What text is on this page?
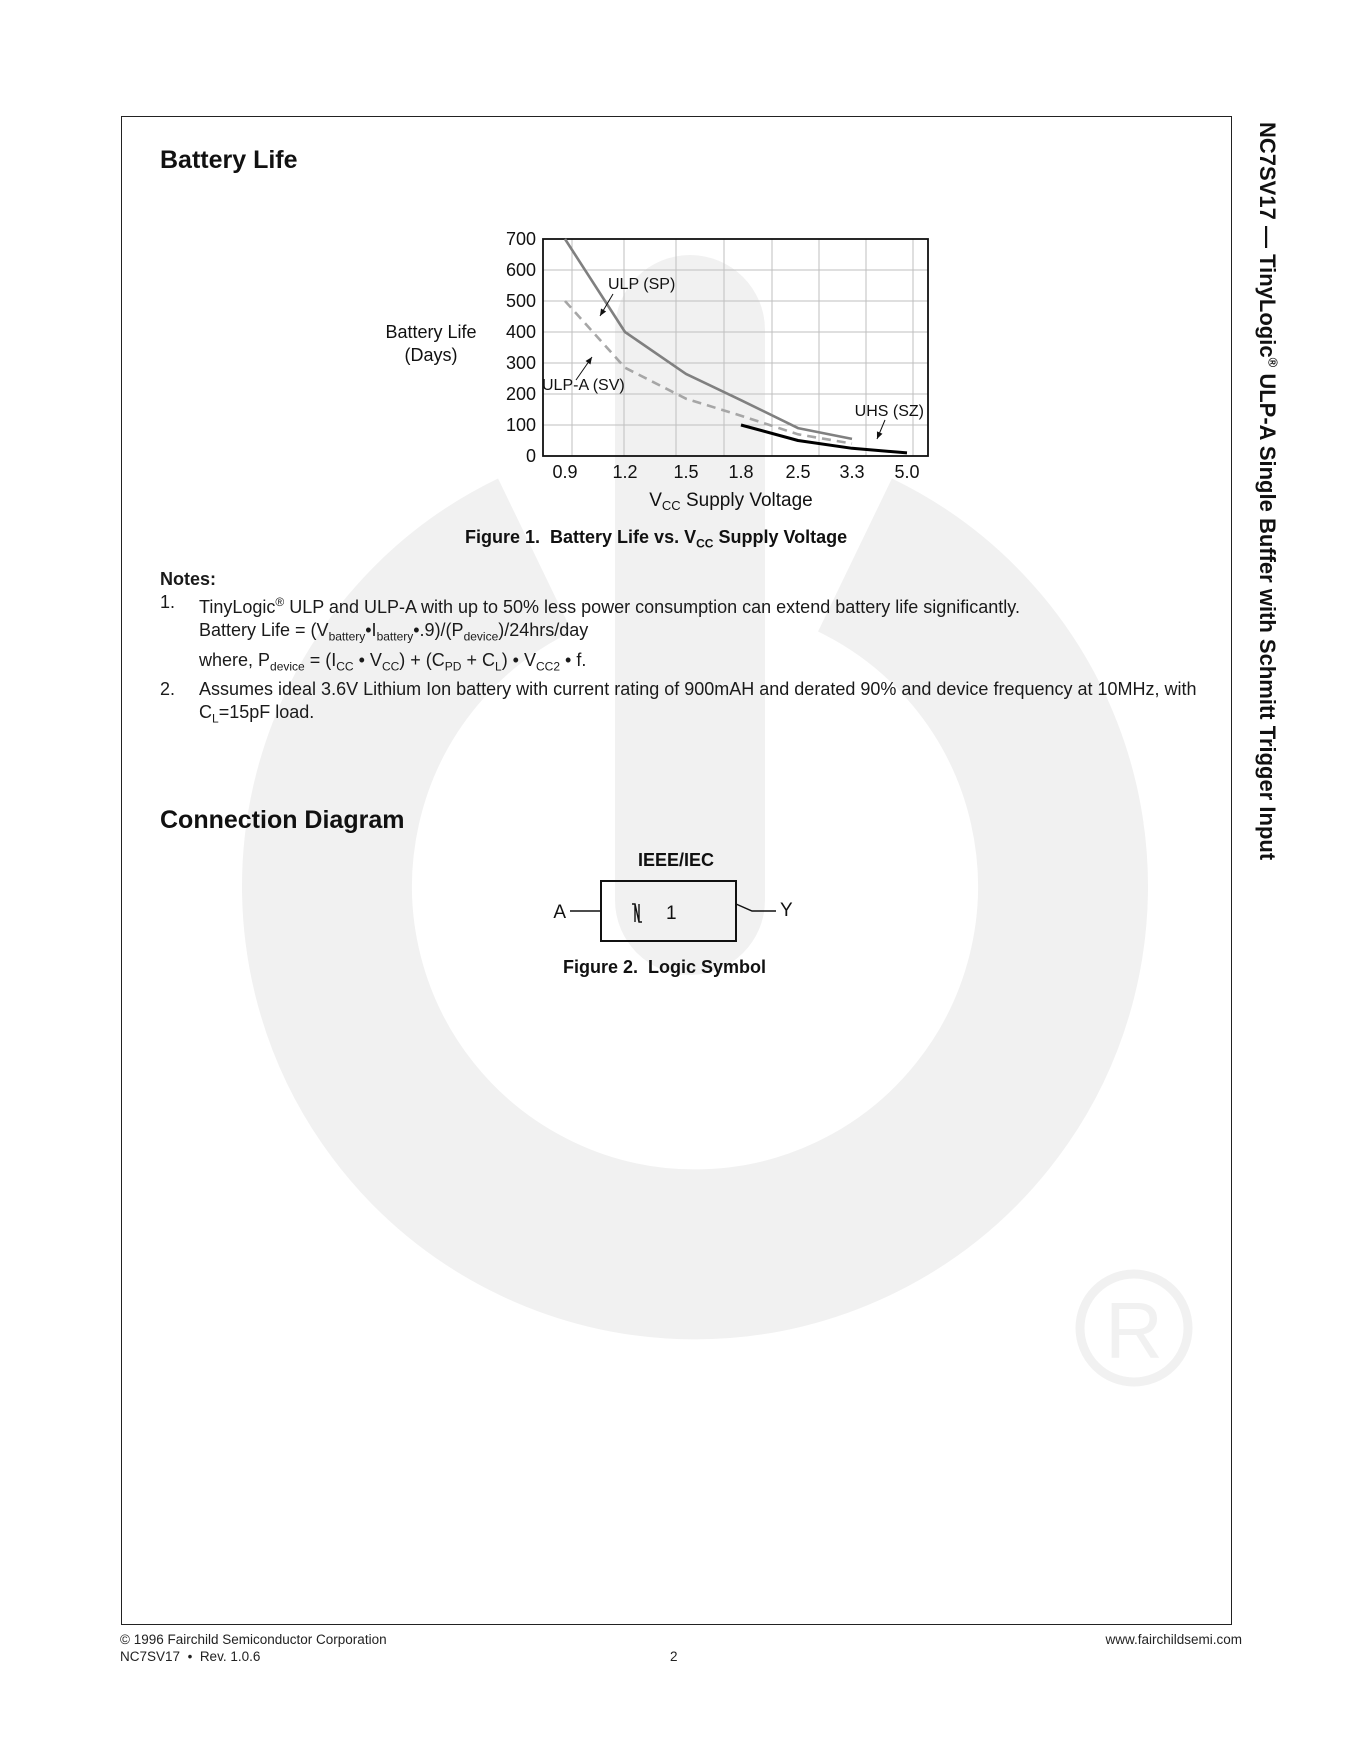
R
NC7SV17 — TinyLogic® ULP-A Single Buffer with Schmitt Trigger Input
Battery Life
0
100
200
300
400
500
600
700
0.9 1.2 1.5 1.8 2.5 3.3 5.0
Battery Life
(Days)
$V_{CC}$ Supply Voltage
ULP (SP)
ULP-A (SV)
UHS (SZ)
Figure 1. Battery Life vs. $V_{CC}$ Supply Voltage
Notes:
1. TinyLogic® ULP and ULP-A with up to 50% less power consumption can extend battery life significantly.
Battery Life = $(V_{battery}•I_{battery}•.9)/(P_{device})/24hrs$/day
where, $P_{device} = (I_{CC}$ • $V_{CC}) + (C_{PD} + C_L)$ • $V_{CC2}$ • f.
2. Assumes ideal 3.6V Lithium Ion battery with current rating of 900mAH and derated 90% and device frequency at 10MHz, with $C_L=15pF$ load.
Connection Diagram
IEEE/IEC
A	Y
1
Figure 2. Logic Symbol
© 1996 Fairchild Semiconductor Corporation
NC7SV17 • Rev. 1.0.6	2
www.fairchildsemi.com
